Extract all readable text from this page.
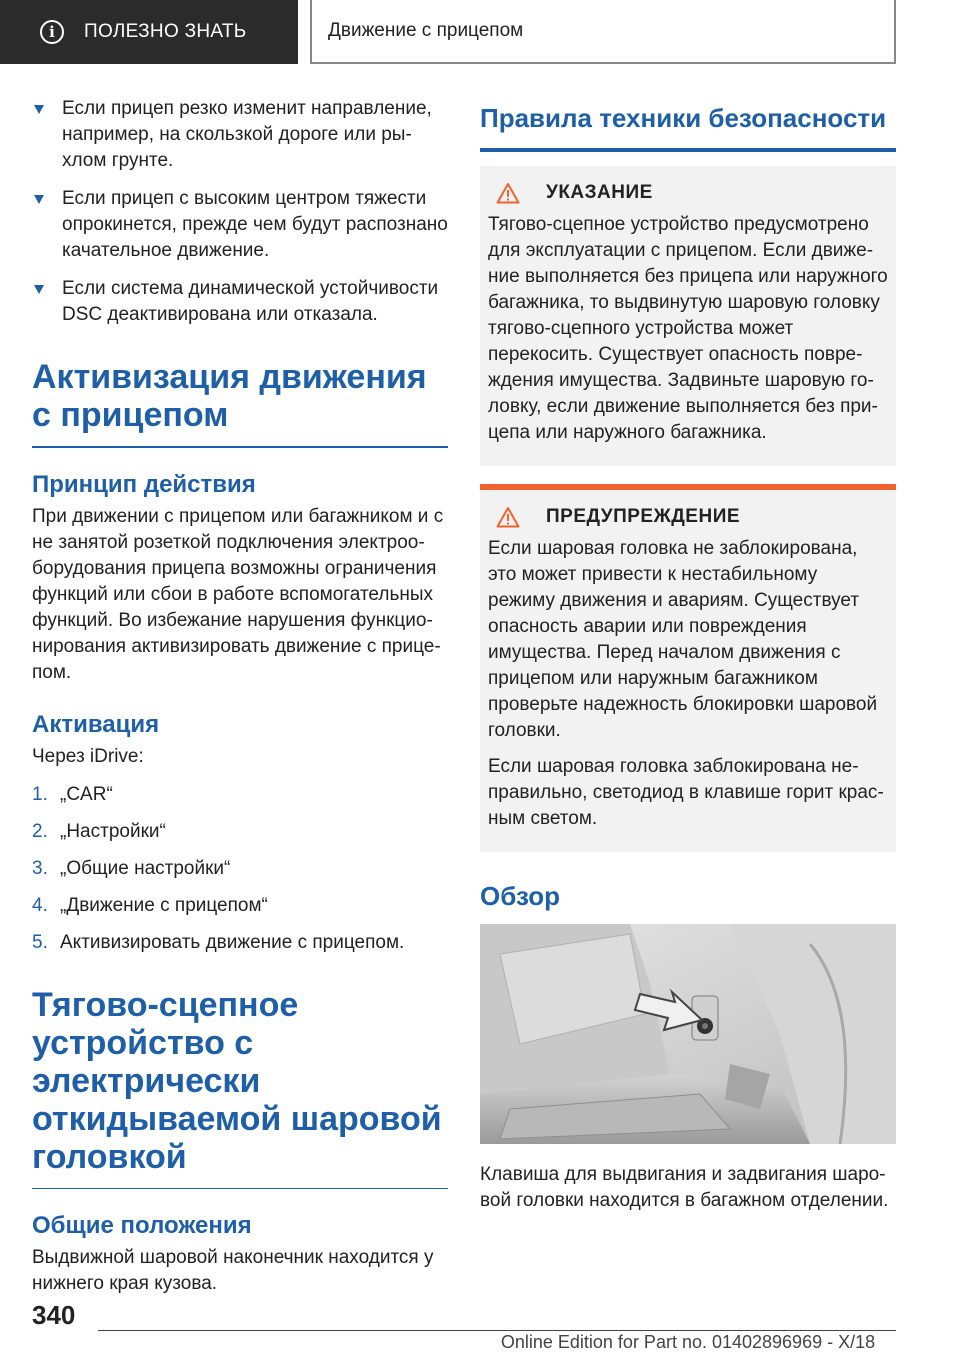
i	ПОЛЕЗНО ЗНАТЬ	Движение с прицепом
Если прицеп резко изменит направление, например, на скользкой дороге или рыхлом грунте.
Если прицеп с высоким центром тяжести опрокинется, прежде чем будут распознано качательное движение.
Если система динамической устойчивости DSC деактивирована или отказала.
Активизация движения с прицепом
Принцип действия

При движении с прицепом или багажником и с не занятой розеткой подключения электрооборудования прицепа возможны ограничения функций или сбои в работе вспомогательных функций. Во избежание нарушения функционирования активизировать движение с прицепом.

Активация

Через iDrive:

1. „CAR“
2. „Настройки“
3. „Общие настройки“
4. „Движение с прицепом“
5. Активизировать движение с прицепом.
Тягово-сцепное устройство с электрически откидываемой шаровой головкой
Общие положения

Выдвижной шаровой наконечник находится у нижнего края кузова.

Правила техники безопасности
УКАЗАНИЕ

Тягово-сцепное устройство предусмотрено для эксплуатации с прицепом. Если движение выполняется без прицепа или наружного багажника, то выдвинутую шаровую головку тягово-сцепного устройства может перекосить. Существует опасность повреждения имущества. Задвиньте шаровую головку, если движение выполняется без прицепа или наружного багажника.

ПРЕДУПРЕЖДЕНИЕ

Если шаровая головка не заблокирована, это может привести к нестабильному режиму движения и авариям. Существует опасность аварии или повреждения имущества. Перед началом движения с прицепом или наружным багажником проверьте надежность блокировки шаровой головки.

Если шаровая головка заблокирована неправильно, светодиод в клавише горит красным светом.

Обзор

Клавиша для выдвигания и задвигания шаровой головки находится в багажном отделении.

340
Online Edition for Part no. 01402896969 - X/18
